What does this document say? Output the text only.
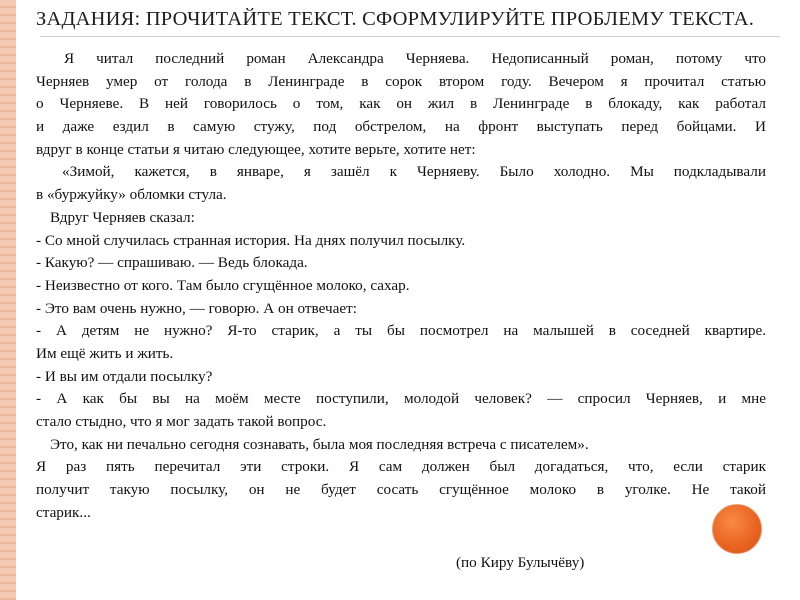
ЗАДАНИЯ: ПРОЧИТАЙТЕ ТЕКСТ. СФОРМУЛИРУЙТЕ ПРОБЛЕМУ ТЕКСТА.
Я читал последний роман Александра Черняева. Недописанный роман, потому что
Черняев умер от голода в Ленинграде в сорок втором году. Вечером я прочитал статью
о Черняеве. В ней говорилось о том, как он жил в Ленинграде в блокаду, как работал
и даже ездил в самую стужу, под обстрелом, на фронт выступать перед бойцами. И
вдруг в конце статьи я читаю следующее, хотите верьте, хотите нет:
«Зимой, кажется, в январе, я зашёл к Черняеву. Было холодно. Мы подкладывали
в «буржуйку» обломки стула.
Вдруг Черняев сказал:
- Со мной случилась странная история. На днях получил посылку.
- Какую? — спрашиваю. — Ведь блокада.
- Неизвестно от кого. Там было сгущённое молоко, сахар.
- Это вам очень нужно, — говорю. А он отвечает:
- А детям не нужно? Я-то старик, а ты бы посмотрел на малышей в соседней квартире.
Им ещё жить и жить.
- И вы им отдали посылку?
- А как бы вы на моём месте поступили, молодой человек? — спросил Черняев, и мне
стало стыдно, что я мог задать такой вопрос.
Это, как ни печально сегодня сознавать, была моя последняя встреча с писателем».
Я раз пять перечитал эти строки. Я сам должен был догадаться, что, если старик
получит такую посылку, он не будет сосать сгущённое молоко в уголке. Не такой
старик...
(по Киру Булычёву)
